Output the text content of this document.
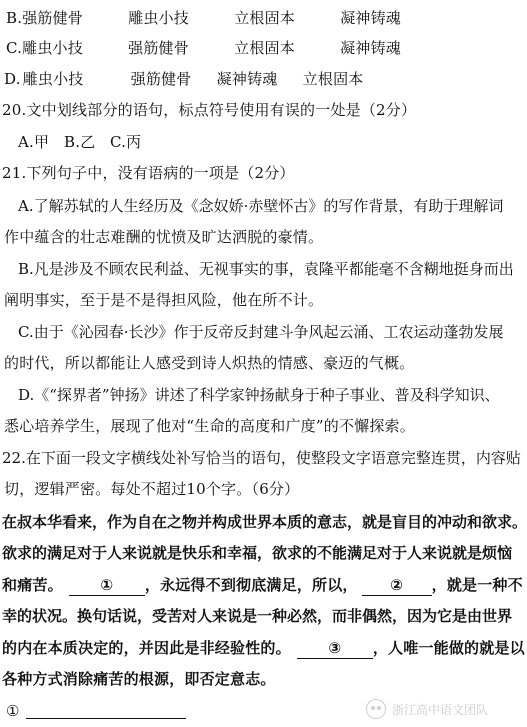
B.强筋健骨	雕虫小技	立根固本	凝神铸魂
C.雕虫小技	强筋健骨	立根固本	凝神铸魂
D. 雕虫小技	强筋健骨 凝神铸魂 立根固本
20.文中划线部分的语句，标点符号使用有误的一处是（2分）
A.甲 B.乙 C.丙
21.下列句子中，没有语病的一项是（2分）
A.了解苏轼的人生经历及《念奴娇·赤壁怀古》的写作背景，有助于理解词
作中蕴含的壮志难酬的忧愤及旷达洒脱的豪情。
B.凡是涉及不顾农民利益、无视事实的事，袁隆平都能毫不含糊地挺身而出
阐明事实，至于是不是得担风险，他在所不计。
C.由于《沁园春·长沙》作于反帝反封建斗争风起云涌、工农运动蓬勃发展
的时代，所以都能让人感受到诗人炽热的情感、豪迈的气概。
D.《“探界者”钟扬》讲述了科学家钟扬献身于种子事业、普及科学知识、
悉心培养学生，展现了他对“生命的高度和广度”的不懈探索。
22.在下面一段文字横线处补写恰当的语句，使整段文字语意完整连贯，内容贴
切，逻辑严密。每处不超过10个字。（6分）
在叔本华看来，作为自在之物并构成世界本质的意志，就是盲目的冲动和欲求。
欲求的满足对于人来说就是快乐和幸福，欲求的不能满足对于人来说就是烦恼
和痛苦。	① ，永远得不到彻底满足，所以， ② ，就是一种不
幸的状况。换句话说，受苦对人来说是一种必然，而非偶然，因为它是由世界
的内在本质决定的，并因此是非经验性的。	③ ，人唯一能做的就是以
各种方式消除痛苦的根源，即否定意志。
①	浙江高中语文团队
